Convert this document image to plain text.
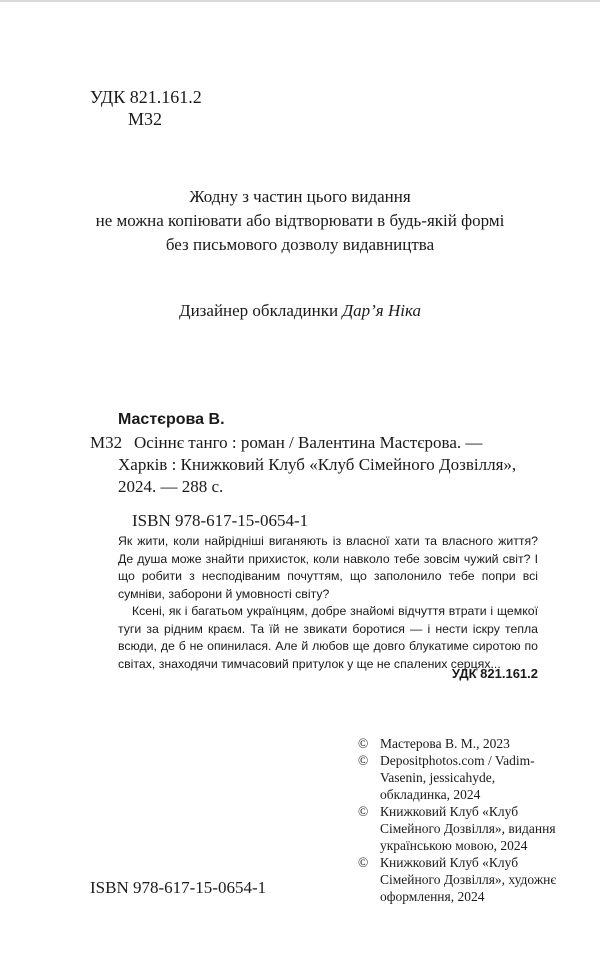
УДК 821.161.2
М32
Жодну з частин цього видання
не можна копіювати або відтворювати в будь-якій формі
без письмового дозволу видавництва
Дизайнер обкладинки Дар’я Ніка
Мастєрова В.
М32 Осіннє танго : роман / Валентина Мастєрова. —
Харків : Книжковий Клуб «Клуб Сімейного Дозвілля»,
2024. — 288 с.
ISBN 978-617-15-0654-1

Як жити, коли найрідніші виганяють із власної хати та власного життя? Де душа може знайти прихисток, коли навколо тебе зовсім чужий світ? І що робити з несподіваним почуттям, що заполонило тебе попри всі сумніви, заборони й умовності світу?

Ксені, як і багатьом українцям, добре знайомі відчуття втрати і щемкої туги за рідним краєм. Та їй не звикати боротися — і нести іскру тепла всюди, де б не опинилася. Але й любов ще довго блукатиме сиротою по світах, знаходячи тимчасовий притулок у ще не спалених серцях...

УДК 821.161.2
© Мастерова В. М., 2023
© Depositphotos.com / Vadim-Vasenin, jessicahyde, обкладинка, 2024
© Книжковий Клуб «Клуб Сімейного Дозвілля», видання українською мовою, 2024
© Книжковий Клуб «Клуб Сімейного Дозвілля», художнє оформлення, 2024
ISBN 978-617-15-0654-1
